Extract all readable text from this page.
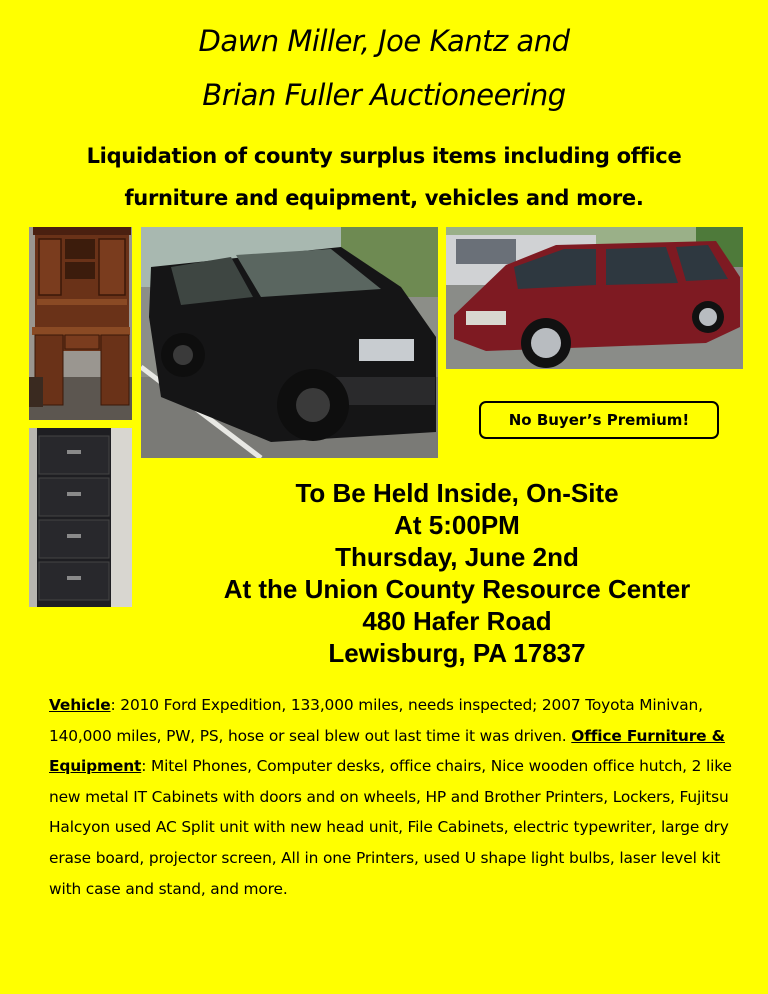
Dawn Miller, Joe Kantz and
Brian Fuller Auctioneering
Liquidation of county surplus items including office
furniture and equipment, vehicles and more.
No Buyer’s Premium!
To Be Held Inside, On-Site
At 5:00PM
Thursday, June 2nd
At the Union County Resource Center
480 Hafer Road
Lewisburg, PA 17837
Vehicle: 2010 Ford Expedition, 133,000 miles, needs inspected; 2007 Toyota Minivan, 140,000 miles, PW, PS, hose or seal blew out last time it was driven. Office Furniture & Equipment: Mitel Phones, Computer desks, office chairs, Nice wooden office hutch, 2 like new metal IT Cabinets with doors and on wheels, HP and Brother Printers, Lockers, Fujitsu Halcyon used AC Split unit with new head unit, File Cabinets, electric typewriter, large dry erase board, projector screen, All in one Printers, used U shape light bulbs, laser level kit with case and stand, and more.
